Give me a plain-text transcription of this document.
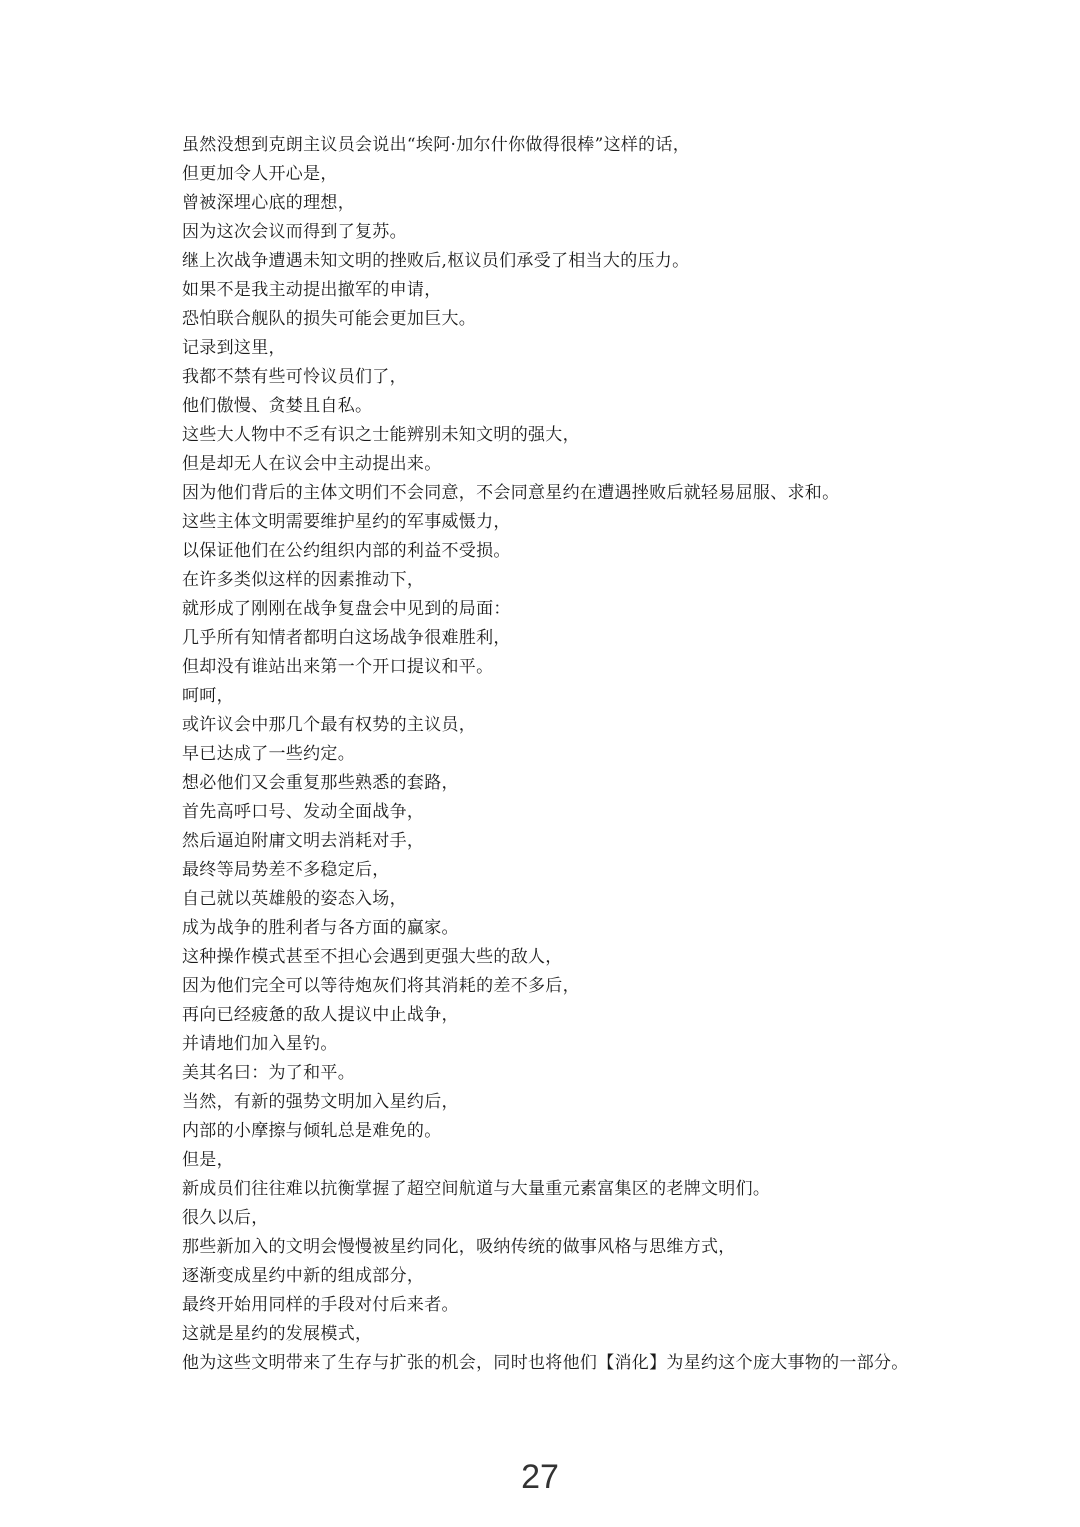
虽然没想到克朗主议员会说出“埃阿·加尔什你做得很棒”这样的话，

但更加令人开心是，

曾被深埋心底的理想，

因为这次会议而得到了复苏。

继上次战争遭遇未知文明的挫败后,枢议员们承受了相当大的压力。

如果不是我主动提出撤军的申请，

恐怕联合舰队的损失可能会更加巨大。

记录到这里，

我都不禁有些可怜议员们了，

他们傲慢、贪婪且自私。

这些大人物中不乏有识之士能辨别未知文明的强大，

但是却无人在议会中主动提出来。

因为他们背后的主体文明们不会同意，不会同意星约在遭遇挫败后就轻易屈服、求和。

这些主体文明需要维护星约的军事威慑力，

以保证他们在公约组织内部的利益不受损。

在许多类似这样的因素推动下，

就形成了刚刚在战争复盘会中见到的局面：

几乎所有知情者都明白这场战争很难胜利，

但却没有谁站出来第一个开口提议和平。

呵呵，

或许议会中那几个最有权势的主议员，

早已达成了一些约定。

想必他们又会重复那些熟悉的套路，

首先高呼口号、发动全面战争，

然后逼迫附庸文明去消耗对手，

最终等局势差不多稳定后，

自己就以英雄般的姿态入场，

成为战争的胜利者与各方面的赢家。

这种操作模式甚至不担心会遇到更强大些的敌人，

因为他们完全可以等待炮灰们将其消耗的差不多后，

再向已经疲惫的敌人提议中止战争，

并请地们加入星钓。

美其名曰：为了和平。

当然，有新的强势文明加入星约后，

内部的小摩擦与倾轧总是难免的。

但是，

新成员们往往难以抗衡掌握了超空间航道与大量重元素富集区的老牌文明们。

很久以后，

那些新加入的文明会慢慢被星约同化，吸纳传统的做事风格与思维方式，

逐渐变成星约中新的组成部分，

最终开始用同样的手段对付后来者。

这就是星约的发展模式，

他为这些文明带来了生存与扩张的机会，同时也将他们【消化】为星约这个庞大事物的一部分。

27
